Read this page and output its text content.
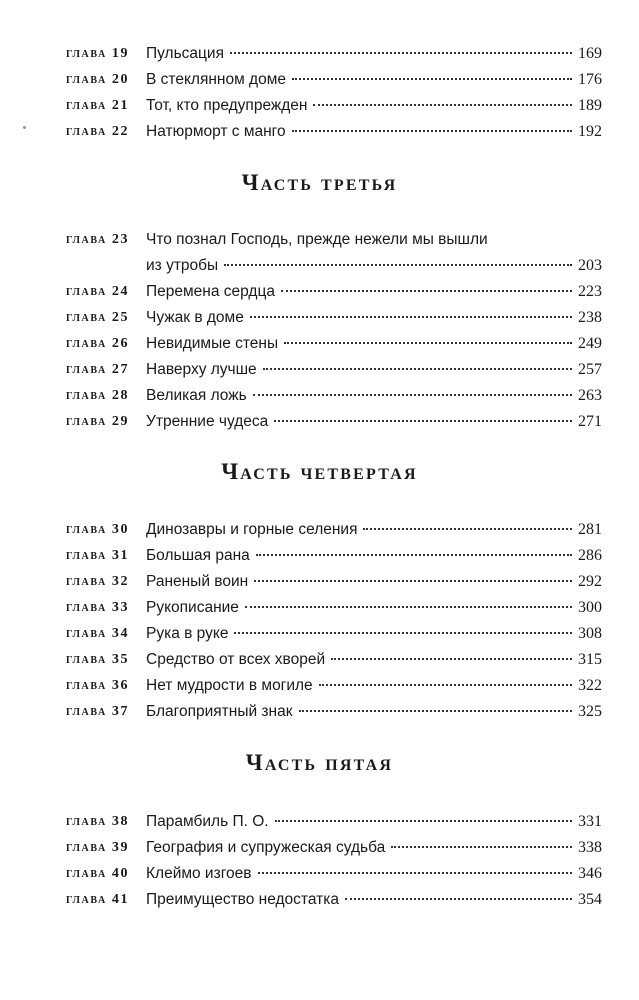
глава 19	Пульсация	169
глава 20	В стеклянном доме	176
глава 21	Тот, кто предупрежден	189
глава 22	Натюрморт с манго	192
Часть третья
глава 23	Что познал Господь, прежде нежели мы вышли
из утробы	203
глава 24	Перемена сердца	223
глава 25	Чужак в доме	238
глава 26	Невидимые стены	249
глава 27	Наверху лучше	257
глава 28	Великая ложь	263
глава 29	Утренние чудеса	271
Часть четвертая
глава 30	Динозавры и горные селения	281
глава 31	Большая рана	286
глава 32	Раненый воин	292
глава 33	Рукописание	300
глава 34	Рука в руке	308
глава 35	Средство от всех хворей	315
глава 36	Нет мудрости в могиле	322
глава 37	Благоприятный знак	325
Часть пятая
глава 38	Парамбиль П. О.	331
глава 39	География и супружеская судьба	338
глава 40	Клеймо изгоев	346
глава 41	Преимущество недостатка	354
